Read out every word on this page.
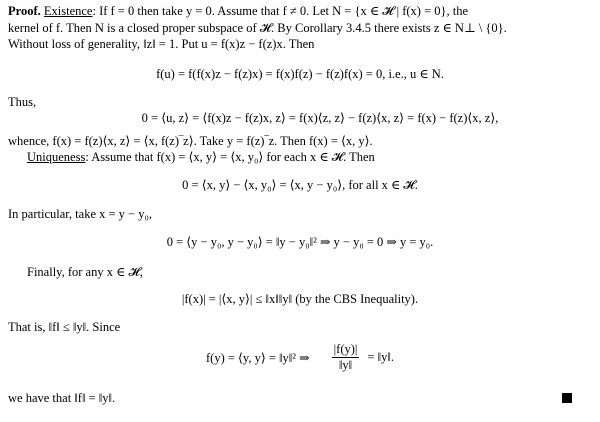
Proof. Existence: If f = 0 then take y = 0. Assume that f ≠ 0. Let N = {x ∈ 𝓗 | f(x) = 0}, the
kernel of f. Then N is a closed proper subspace of 𝓗. By Corollary 3.4.5 there exists z ∈ N⊥ \ {0}.
Without loss of generality, ‖z‖ = 1. Put u = f(x)z − f(z)x. Then
f(u) = f(f(x)z − f(z)x) = f(x)f(z) − f(z)f(x) = 0, i.e., u ∈ N.
Thus,
0 = ⟨u, z⟩ = ⟨f(x)z − f(z)x, z⟩ = f(x)⟨z, z⟩ − f(z)⟨x, z⟩ = f(x) − f(z)⟨x, z⟩,
whence, f(x) = f(z)⟨x, z⟩ = ⟨x, f(z)‾z⟩. Take y = f(z)‾z. Then f(x) = ⟨x, y⟩.
Uniqueness: Assume that f(x) = ⟨x, y⟩ = ⟨x, y₀⟩ for each x ∈ 𝓗. Then
0 = ⟨x, y⟩ − ⟨x, y₀⟩ = ⟨x, y − y₀⟩, for all x ∈ 𝓗.
In particular, take x = y − y₀,
0 = ⟨y − y₀, y − y₀⟩ = ‖y − y₀‖² ⇒ y − y₀ = 0 ⇒ y = y₀.
Finally, for any x ∈ 𝓗,
|f(x)| = |⟨x, y⟩| ≤ ‖x‖‖y‖ (by the CBS Inequality).
That is, ‖f‖ ≤ ‖y‖. Since
f(y) = ⟨y, y⟩ = ‖y‖² ⇒ $\frac{|f(y)|}{‖y‖}$ = ‖y‖.
we have that ‖f‖ = ‖y‖.
